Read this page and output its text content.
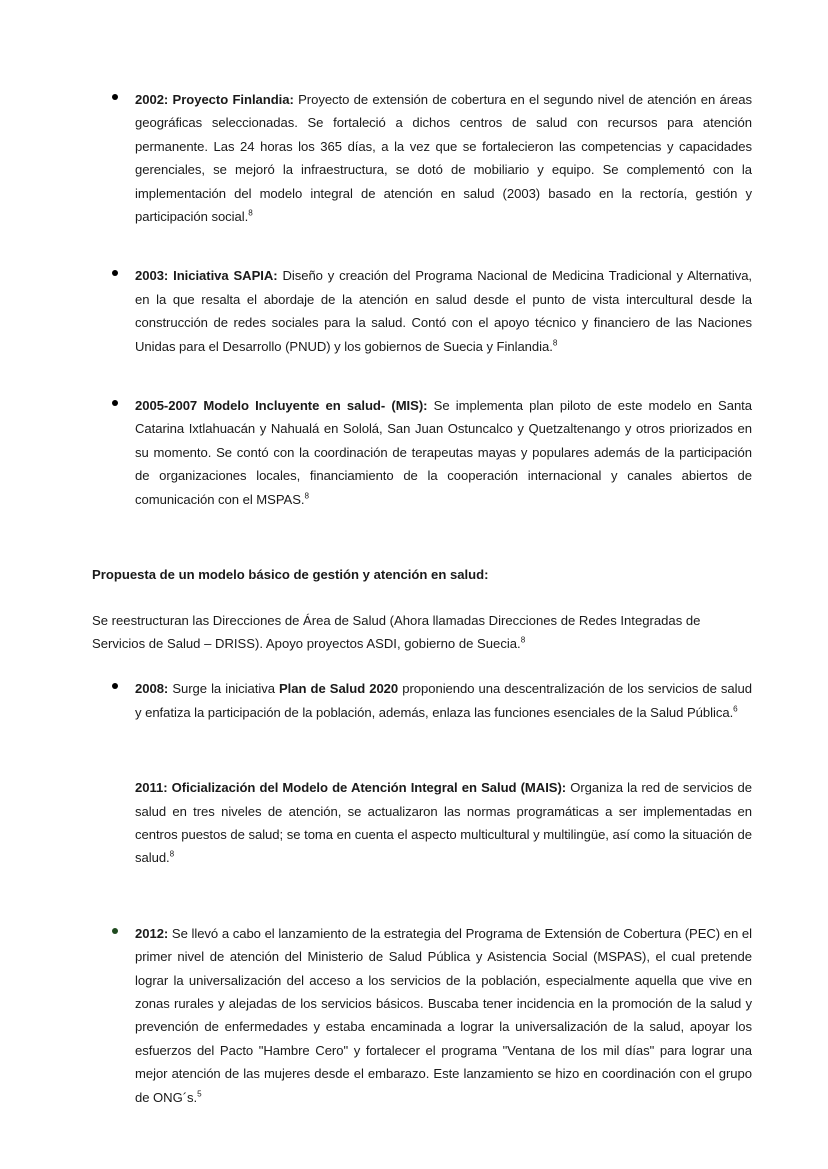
2002: Proyecto Finlandia: Proyecto de extensión de cobertura en el segundo nivel de atención en áreas geográficas seleccionadas. Se fortaleció a dichos centros de salud con recursos para atención permanente. Las 24 horas los 365 días, a la vez que se fortalecieron las competencias y capacidades gerenciales, se mejoró la infraestructura, se dotó de mobiliario y equipo. Se complementó con la implementación del modelo integral de atención en salud (2003) basado en la rectoría, gestión y participación social.$^8$

2003: Iniciativa SAPIA: Diseño y creación del Programa Nacional de Medicina Tradicional y Alternativa, en la que resalta el abordaje de la atención en salud desde el punto de vista intercultural desde la construcción de redes sociales para la salud. Contó con el apoyo técnico y financiero de las Naciones Unidas para el Desarrollo (PNUD) y los gobiernos de Suecia y Finlandia.$^8$

2005-2007 Modelo Incluyente en salud- (MIS): Se implementa plan piloto de este modelo en Santa Catarina Ixtlahuacán y Nahualá en Sololá, San Juan Ostuncalco y Quetzaltenango y otros priorizados en su momento. Se contó con la coordinación de terapeutas mayas y populares además de la participación de organizaciones locales, financiamiento de la cooperación internacional y canales abiertos de comunicación con el MSPAS.$^8$

Propuesta de un modelo básico de gestión y atención en salud:

Se reestructuran las Direcciones de Área de Salud (Ahora llamadas Direcciones de Redes Integradas de Servicios de Salud – DRISS). Apoyo proyectos ASDI, gobierno de Suecia.$^8$

2008: Surge la iniciativa Plan de Salud 2020 proponiendo una descentralización de los servicios de salud y enfatiza la participación de la población, además, enlaza las funciones esenciales de la Salud Pública.$^6$

2011: Oficialización del Modelo de Atención Integral en Salud (MAIS): Organiza la red de servicios de salud en tres niveles de atención, se actualizaron las normas programáticas a ser implementadas en centros puestos de salud; se toma en cuenta el aspecto multicultural y multilingüe, así como la situación de salud.$^8$

2012: Se llevó a cabo el lanzamiento de la estrategia del Programa de Extensión de Cobertura (PEC) en el primer nivel de atención del Ministerio de Salud Pública y Asistencia Social (MSPAS), el cual pretende lograr la universalización del acceso a los servicios de la población, especialmente aquella que vive en zonas rurales y alejadas de los servicios básicos. Buscaba tener incidencia en la promoción de la salud y prevención de enfermedades y estaba encaminada a lograr la universalización de la salud, apoyar los esfuerzos del Pacto "Hambre Cero" y fortalecer el programa "Ventana de los mil días" para lograr una mejor atención de las mujeres desde el embarazo. Este lanzamiento se hizo en coordinación con el grupo de ONG´s.$^5$
